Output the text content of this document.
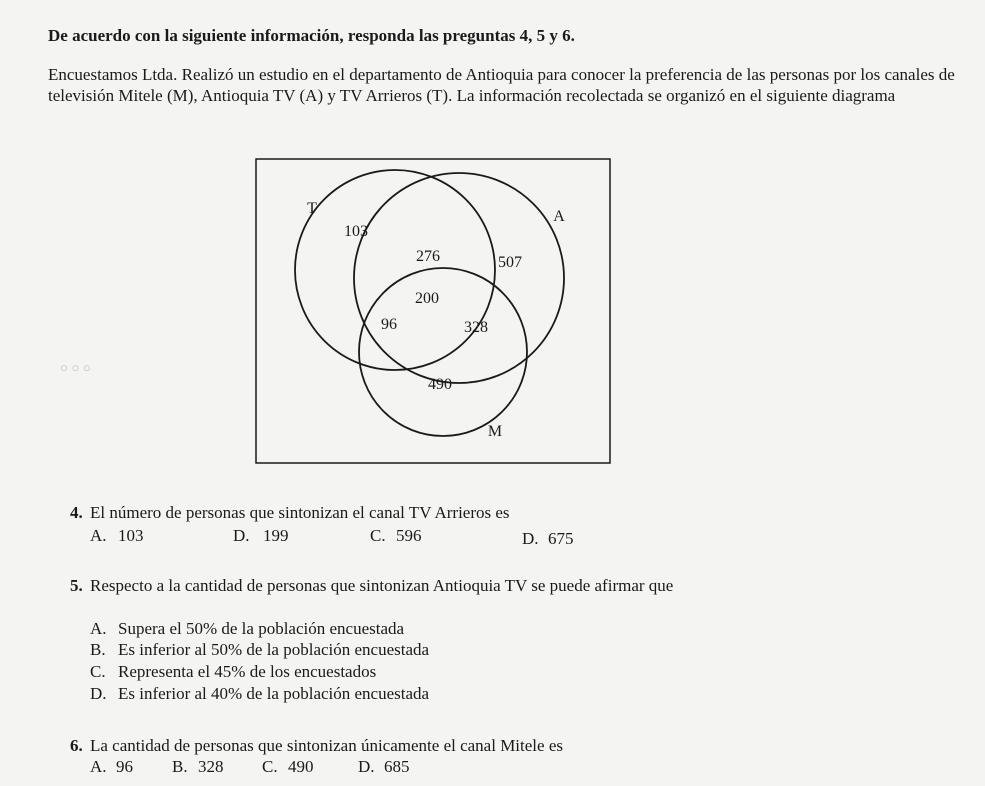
○ ○ ○
De acuerdo con la siguiente información, responda las preguntas 4, 5 y 6.
Encuestamos Ltda. Realizó un estudio en el departamento de Antioquia para conocer la preferencia de las personas por los canales de televisión Mitele (M), Antioquia TV (A) y TV Arrieros (T). La información recolectada se organizó en el siguiente diagrama
T	A
M
103
276	507
200
96	328
490
4. El número de personas que sintonizan el canal TV Arrieros es
A. 103	D. 199	C. 596	D. 675
5. Respecto a la cantidad de personas que sintonizan Antioquia TV se puede afirmar que
A. Supera el 50% de la población encuestada
B. Es inferior al 50% de la población encuestada
C. Representa el 45% de los encuestados
D. Es inferior al 40% de la población encuestada
6. La cantidad de personas que sintonizan únicamente el canal Mitele es
A. 96 B. 328 C. 490	D. 685
